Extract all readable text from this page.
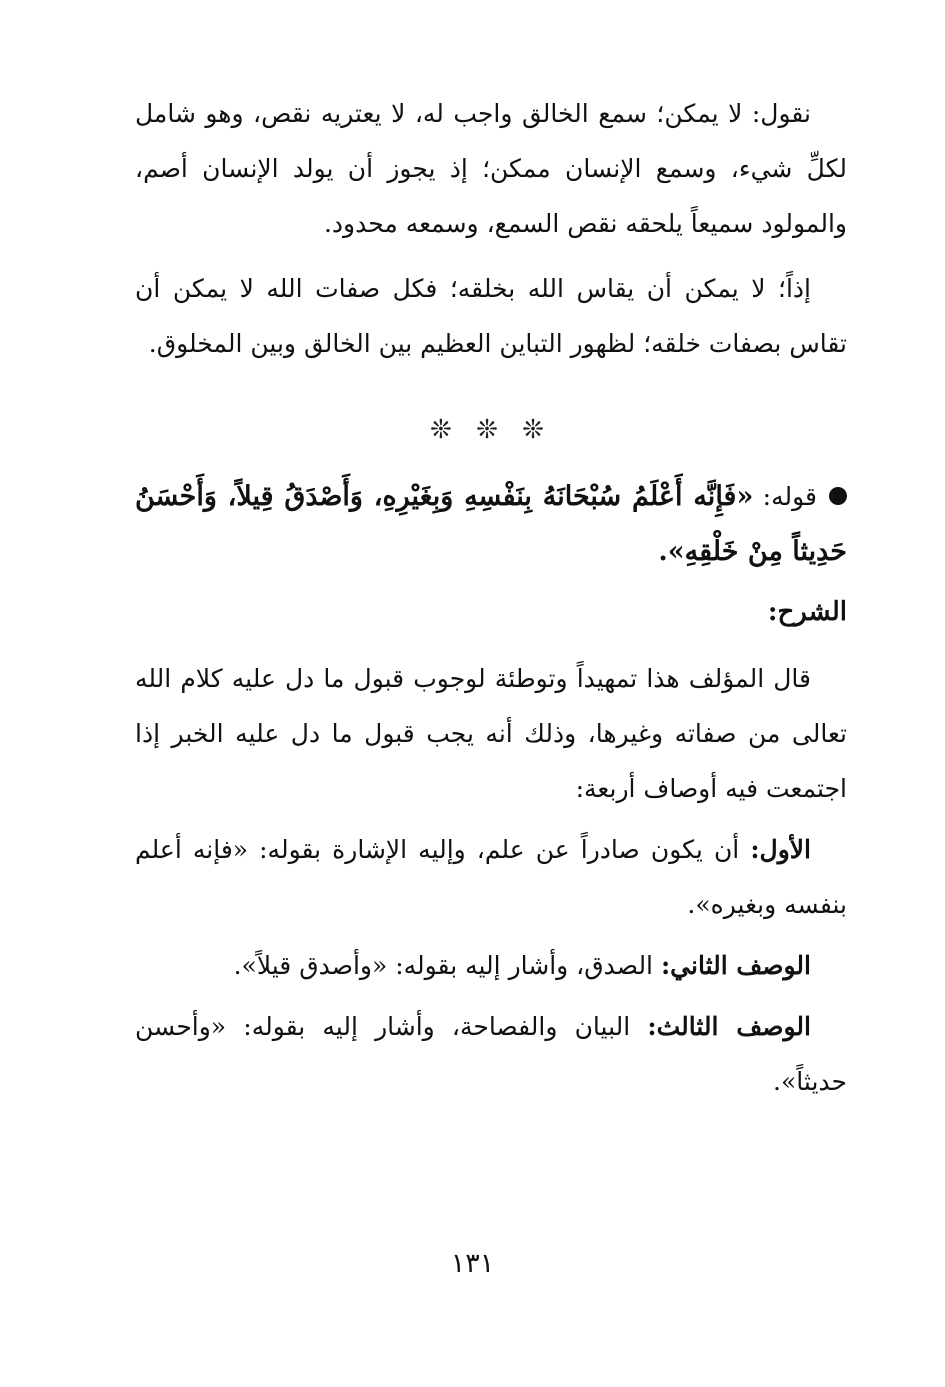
نقول: لا يمكن؛ سمع الخالق واجب له، لا يعتريه نقص، وهو شامل لكلِّ شيء، وسمع الإنسان ممكن؛ إذ يجوز أن يولد الإنسان أصم، والمولود سميعاً يلحقه نقص السمع، وسمعه محدود.

إذاً؛ لا يمكن أن يقاس الله بخلقه؛ فكل صفات الله لا يمكن أن تقاس بصفات خلقه؛ لظهور التباين العظيم بين الخالق وبين المخلوق.

❊ ❊ ❊

قوله: «فَإِنَّه أَعْلَمُ سُبْحَانَهُ بِنَفْسِهِ وَبِغَيْرِهِ، وَأَصْدَقُ قِيلاً، وَأَحْسَنُ حَدِيثاً مِنْ خَلْقِهِ».

الشرح:

قال المؤلف هذا تمهيداً وتوطئة لوجوب قبول ما دل عليه كلام الله تعالى من صفاته وغيرها، وذلك أنه يجب قبول ما دل عليه الخبر إذا اجتمعت فيه أوصاف أربعة:

الأول: أن يكون صادراً عن علم، وإليه الإشارة بقوله: «فإنه أعلم بنفسه وبغيره».

الوصف الثاني: الصدق، وأشار إليه بقوله: «وأصدق قيلاً».

الوصف الثالث: البيان والفصاحة، وأشار إليه بقوله: «وأحسن حديثاً».

١٣١
